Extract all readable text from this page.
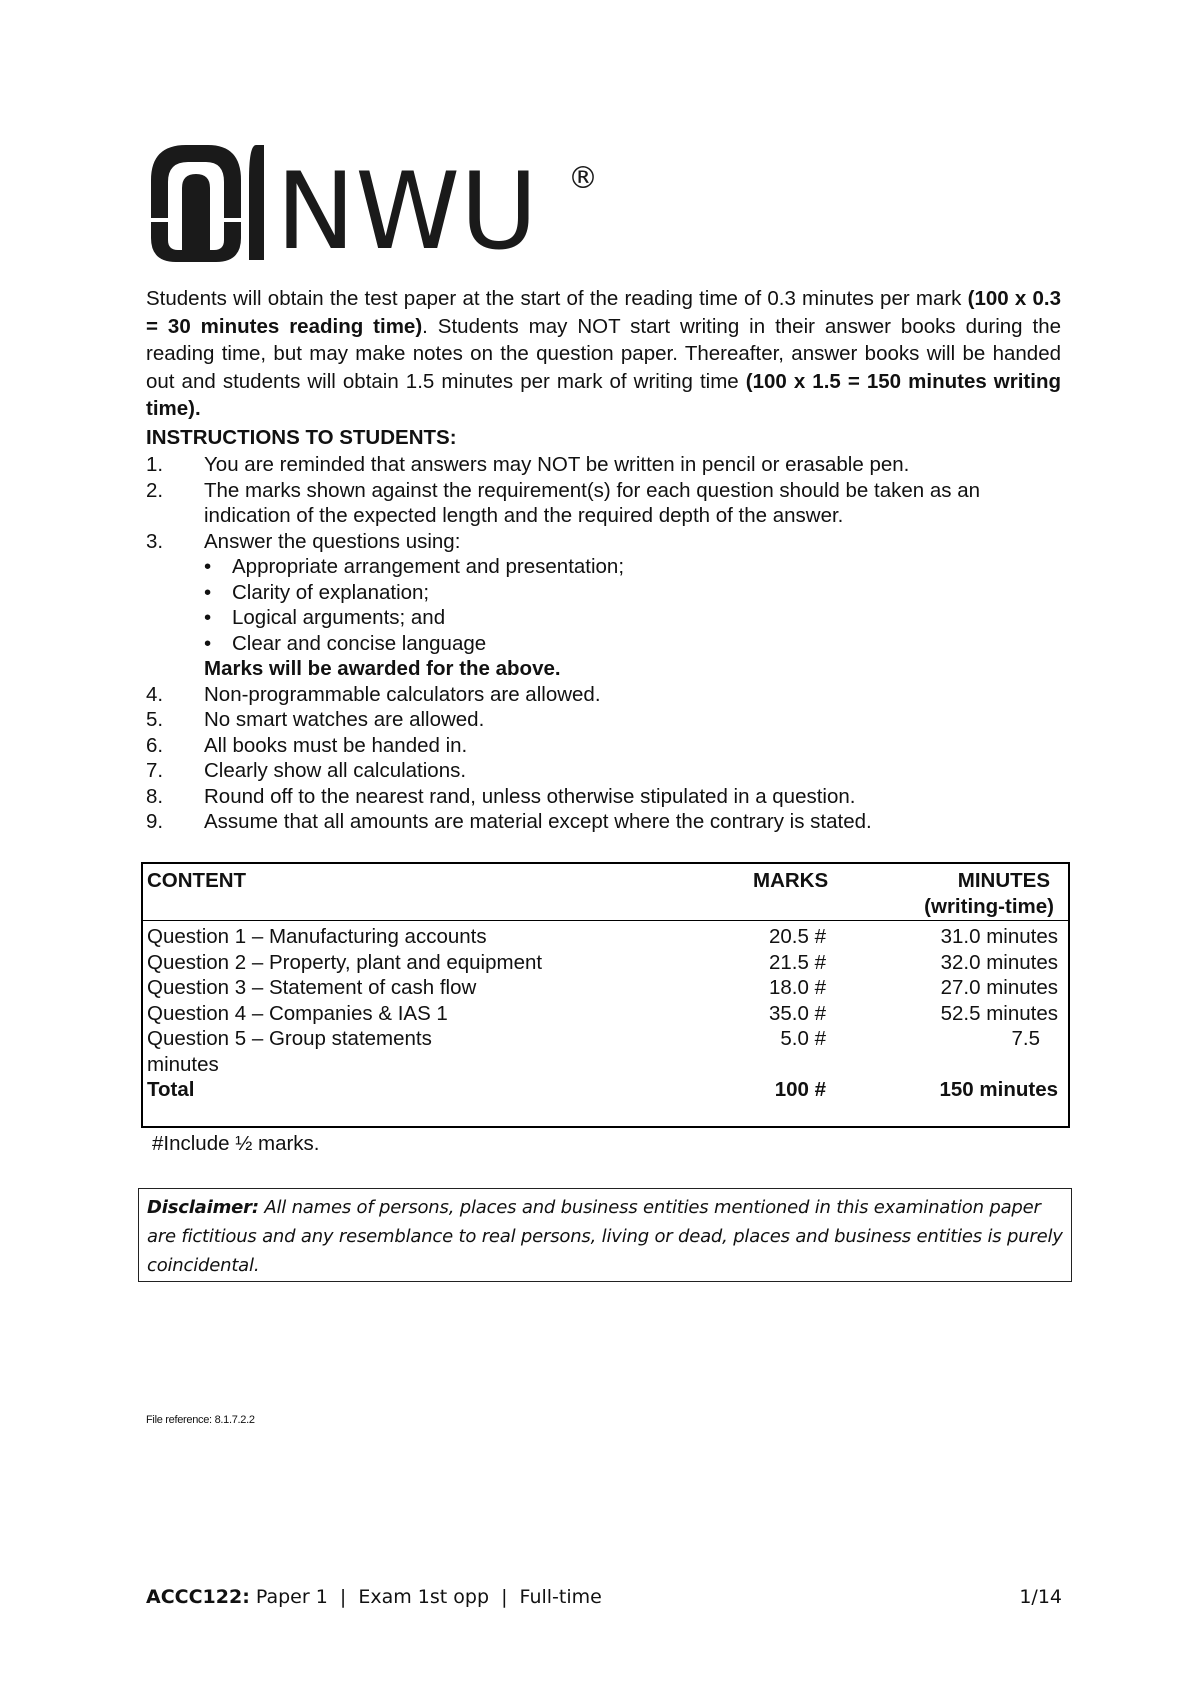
NWU ®
Students will obtain the test paper at the start of the reading time of 0.3 minutes per mark (100 x 0.3 = 30 minutes reading time). Students may NOT start writing in their answer books during the reading time, but may make notes on the question paper. Thereafter, answer books will be handed out and students will obtain 1.5 minutes per mark of writing time (100 x 1.5 = 150 minutes writing time).
INSTRUCTIONS TO STUDENTS:
1.	You are reminded that answers may NOT be written in pencil or erasable pen.
2.	The marks shown against the requirement(s) for each question should be taken as an indication of the expected length and the required depth of the answer.
3.	Answer the questions using:
•	Appropriate arrangement and presentation;
•	Clarity of explanation;
•	Logical arguments; and
•	Clear and concise language
Marks will be awarded for the above.
4.	Non-programmable calculators are allowed.
5.	No smart watches are allowed.
6.	All books must be handed in.
7.	Clearly show all calculations.
8.	Round off to the nearest rand, unless otherwise stipulated in a question.
9.	Assume that all amounts are material except where the contrary is stated.
CONTENT	MARKS	MINUTES
(writing-time)
Question 1 – Manufacturing accounts	20.5 #	31.0 minutes
Question 2 – Property, plant and equipment	21.5 #	32.0 minutes
Question 3 – Statement of cash flow	18.0 #	27.0 minutes
Question 4 – Companies & IAS 1	35.0 #	52.5 minutes
Question 5 – Group statements	5.0 #	7.5
minutes
Total	100 #	150 minutes
#Include ½ marks.
Disclaimer: All names of persons, places and business entities mentioned in this examination paper are fictitious and any resemblance to real persons, living or dead, places and business entities is purely coincidental.
File reference: 8.1.7.2.2
ACCC122: Paper 1  |  Exam 1st opp  |  Full-time	1/14
